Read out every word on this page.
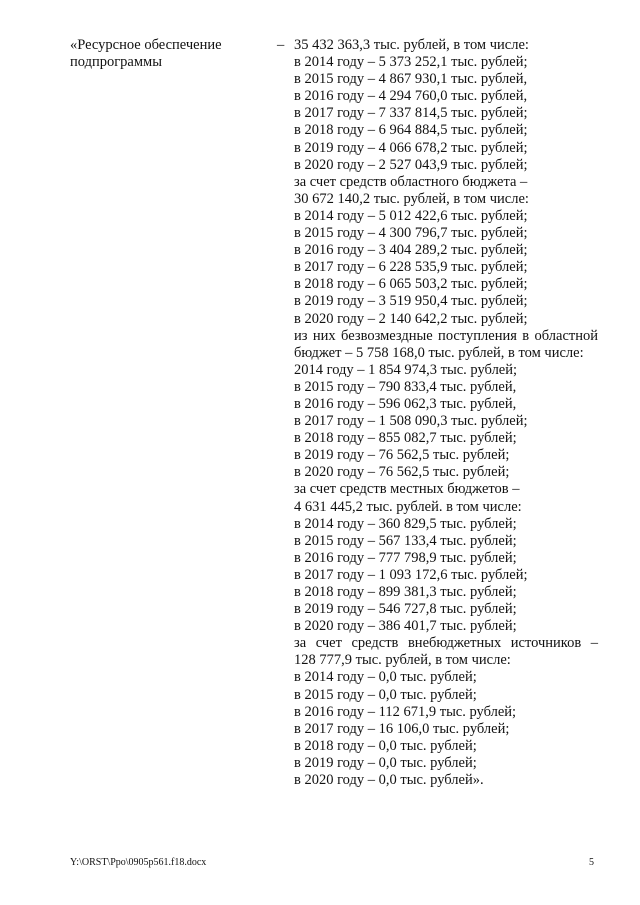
«Ресурсное обеспечение
подпрограммы
– 35 432 363,3 тыс. рублей, в том числе:
в 2014 году – 5 373 252,1 тыс. рублей;
в 2015 году – 4 867 930,1 тыс. рублей,
в 2016 году – 4 294 760,0 тыс. рублей,
в 2017 году – 7 337 814,5 тыс. рублей;
в 2018 году – 6 964 884,5 тыс. рублей;
в 2019 году – 4 066 678,2 тыс. рублей;
в 2020 году – 2 527 043,9 тыс. рублей;
за счет средств областного бюджета –
30 672 140,2 тыс. рублей, в том числе:
в 2014 году – 5 012 422,6 тыс. рублей;
в 2015 году – 4 300 796,7 тыс. рублей;
в 2016 году – 3 404 289,2 тыс. рублей;
в 2017 году – 6 228 535,9 тыс. рублей;
в 2018 году – 6 065 503,2 тыс. рублей;
в 2019 году – 3 519 950,4 тыс. рублей;
в 2020 году – 2 140 642,2 тыс. рублей;
из них безвозмездные поступления в областной
бюджет – 5 758 168,0 тыс. рублей, в том числе:
2014 году – 1 854 974,3 тыс. рублей;
в 2015 году – 790 833,4 тыс. рублей,
в 2016 году – 596 062,3 тыс. рублей,
в 2017 году – 1 508 090,3 тыс. рублей;
в 2018 году – 855 082,7 тыс. рублей;
в 2019 году – 76 562,5 тыс. рублей;
в 2020 году – 76 562,5 тыс. рублей;
за счет средств местных бюджетов –
4 631 445,2 тыс. рублей. в том числе:
в 2014 году – 360 829,5 тыс. рублей;
в 2015 году – 567 133,4 тыс. рублей;
в 2016 году – 777 798,9 тыс. рублей;
в 2017 году – 1 093 172,6 тыс. рублей;
в 2018 году – 899 381,3 тыс. рублей;
в 2019 году – 546 727,8 тыс. рублей;
в 2020 году – 386 401,7 тыс. рублей;
за счет средств внебюджетных источников –
128 777,9 тыс. рублей, в том числе:
в 2014 году – 0,0 тыс. рублей;
в 2015 году – 0,0 тыс. рублей;
в 2016 году – 112 671,9 тыс. рублей;
в 2017 году – 16 106,0 тыс. рублей;
в 2018 году – 0,0 тыс. рублей;
в 2019 году – 0,0 тыс. рублей;
в 2020 году – 0,0 тыс. рублей».
Y:\ORST\Ppo\0905p561.f18.docx	5
